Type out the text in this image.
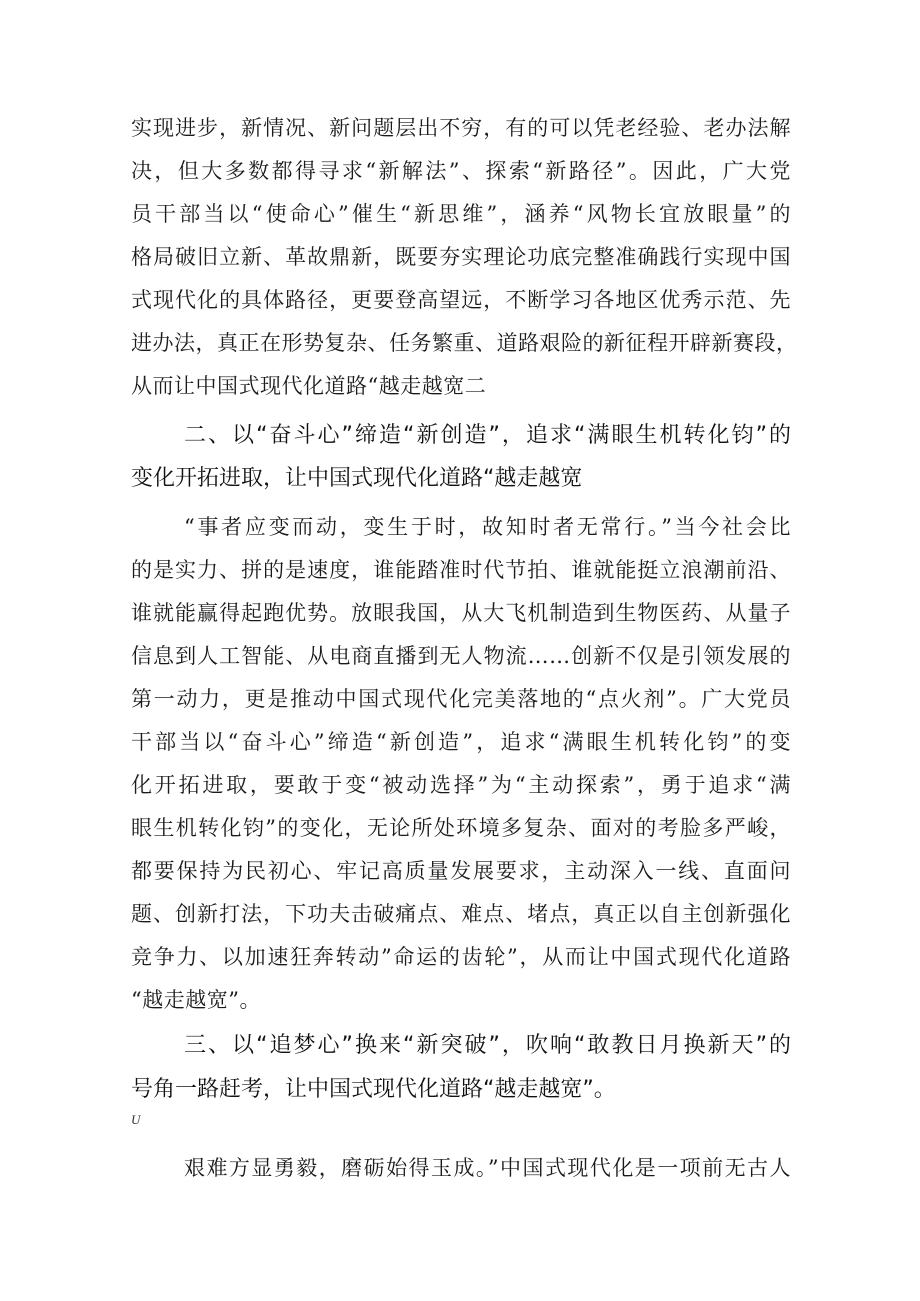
实现进步，新情况、新问题层出不穷，有的可以凭老经验、老办法解
决，但大多数都得寻求“新解法”、探索“新路径”。因此，广大党
员干部当以“使命心”催生“新思维”，涵养“风物长宜放眼量”的
格局破旧立新、革故鼎新，既要夯实理论功底完整准确践行实现中国
式现代化的具体路径，更要登高望远，不断学习各地区优秀示范、先
进办法，真正在形势复杂、任务繁重、道路艰险的新征程开辟新赛段，
从而让中国式现代化道路“越走越宽二
二、以“奋斗心”缔造“新创造”，追求“满眼生机转化钧”的
变化开拓进取，让中国式现代化道路“越走越宽
“事者应变而动，变生于时，故知时者无常行。”当今社会比
的是实力、拼的是速度，谁能踏准时代节拍、谁就能挺立浪潮前沿、
谁就能赢得起跑优势。放眼我国，从大飞机制造到生物医药、从量子
信息到人工智能、从电商直播到无人物流……创新不仅是引领发展的
第一动力，更是推动中国式现代化完美落地的“点火剂”。广大党员
干部当以“奋斗心”缔造“新创造”，追求“满眼生机转化钧”的变
化开拓进取，要敢于变“被动选择”为“主动探索”，勇于追求“满
眼生机转化钧”的变化，无论所处环境多复杂、面对的考脸多严峻，
都要保持为民初心、牢记高质量发展要求，主动深入一线、直面问
题、创新打法，下功夫击破痛点、难点、堵点，真正以自主创新强化
竞争力、以加速狂奔转动”命运的齿轮”，从而让中国式现代化道路
“越走越宽”。
三、以“追梦心”换来“新突破”，吹响“敢教日月换新天”的
号角一路赶考，让中国式现代化道路“越走越宽”。
U
艰难方显勇毅，磨砺始得玉成。”中国式现代化是一项前无古人
